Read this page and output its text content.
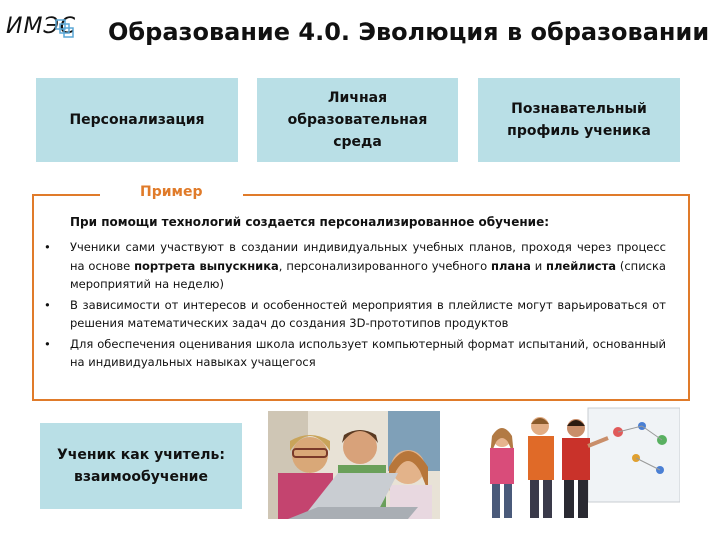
ИМЭС Образование 4.0. Эволюция в образовании
Персонализация
Личная образовательная среда
Познавательный профиль ученика
Пример
При помощи технологий создается персонализированное обучение:
• Ученики сами участвуют в создании индивидуальных учебных планов, проходя через процесс на основе портрета выпускника, персонализированного учебного плана и плейлиста (списка мероприятий на неделю)
• В зависимости от интересов и особенностей мероприятия в плейлисте могут варьироваться от решения математических задач до создания 3D-прототипов продуктов
• Для обеспечения оценивания школа использует компьютерный формат испытаний, основанный на индивидуальных навыках учащегося
Ученик как учитель: взаимообучение
